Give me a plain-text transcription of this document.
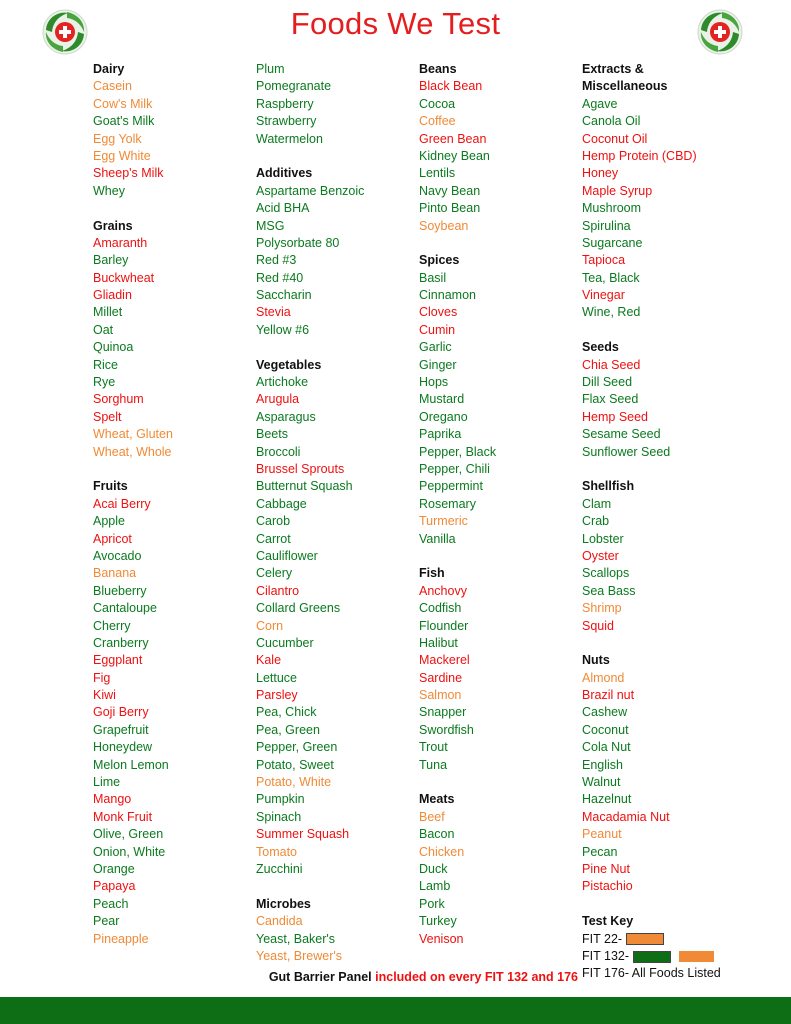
Foods We Test
Dairy
Casein
Cow's Milk
Goat's Milk
Egg Yolk
Egg White
Sheep's Milk
Whey
Grains
Amaranth
Barley
Buckwheat
Gliadin
Millet
Oat
Quinoa
Rice
Rye
Sorghum
Spelt
Wheat, Gluten
Wheat, Whole
Fruits
Acai Berry
Apple
Apricot
Avocado
Banana
Blueberry
Cantaloupe
Cherry
Cranberry
Eggplant
Fig
Kiwi
Goji Berry
Grapefruit
Honeydew
Melon Lemon
Lime
Mango
Monk Fruit
Olive, Green
Onion, White
Orange
Papaya
Peach
Pear
Pineapple
Plum
Pomegranate
Raspberry
Strawberry
Watermelon
Additives
Aspartame Benzoic
Acid BHA
MSG
Polysorbate 80
Red #3
Red #40
Saccharin
Stevia
Yellow #6
Vegetables
Artichoke
Arugula
Asparagus
Beets
Broccoli
Brussel Sprouts
Butternut Squash
Cabbage
Carob
Carrot
Cauliflower
Celery
Cilantro
Collard Greens
Corn
Cucumber
Kale
Lettuce
Parsley
Pea, Chick
Pea, Green
Pepper, Green
Potato, Sweet
Potato, White
Pumpkin
Spinach
Summer Squash
Tomato
Zucchini
Microbes
Candida
Yeast, Baker's
Yeast, Brewer's
Beans
Black Bean
Cocoa
Coffee
Green Bean
Kidney Bean
Lentils
Navy Bean
Pinto Bean
Soybean
Spices
Basil
Cinnamon
Cloves
Cumin
Garlic
Ginger
Hops
Mustard
Oregano
Paprika
Pepper, Black
Pepper, Chili
Peppermint
Rosemary
Turmeric
Vanilla
Fish
Anchovy
Codfish
Flounder
Halibut
Mackerel
Sardine
Salmon
Snapper
Swordfish
Trout
Tuna
Meats
Beef
Bacon
Chicken
Duck
Lamb
Pork
Turkey
Venison
Extracts &
Miscellaneous
Agave
Canola Oil
Coconut Oil
Hemp Protein (CBD)
Honey
Maple Syrup
Mushroom
Spirulina
Sugarcane
Tapioca
Tea, Black
Vinegar
Wine, Red
Seeds
Chia Seed
Dill Seed
Flax Seed
Hemp Seed
Sesame Seed
Sunflower Seed
Shellfish
Clam
Crab
Lobster
Oyster
Scallops
Sea Bass
Shrimp
Squid
Nuts
Almond
Brazil nut
Cashew
Coconut
Cola Nut
English
Walnut
Hazelnut
Macadamia Nut
Peanut
Pecan
Pine Nut
Pistachio
Test Key
FIT 22-
FIT 132-
FIT 176- All Foods Listed
Gut Barrier Panel included on every FIT 132 and 176
